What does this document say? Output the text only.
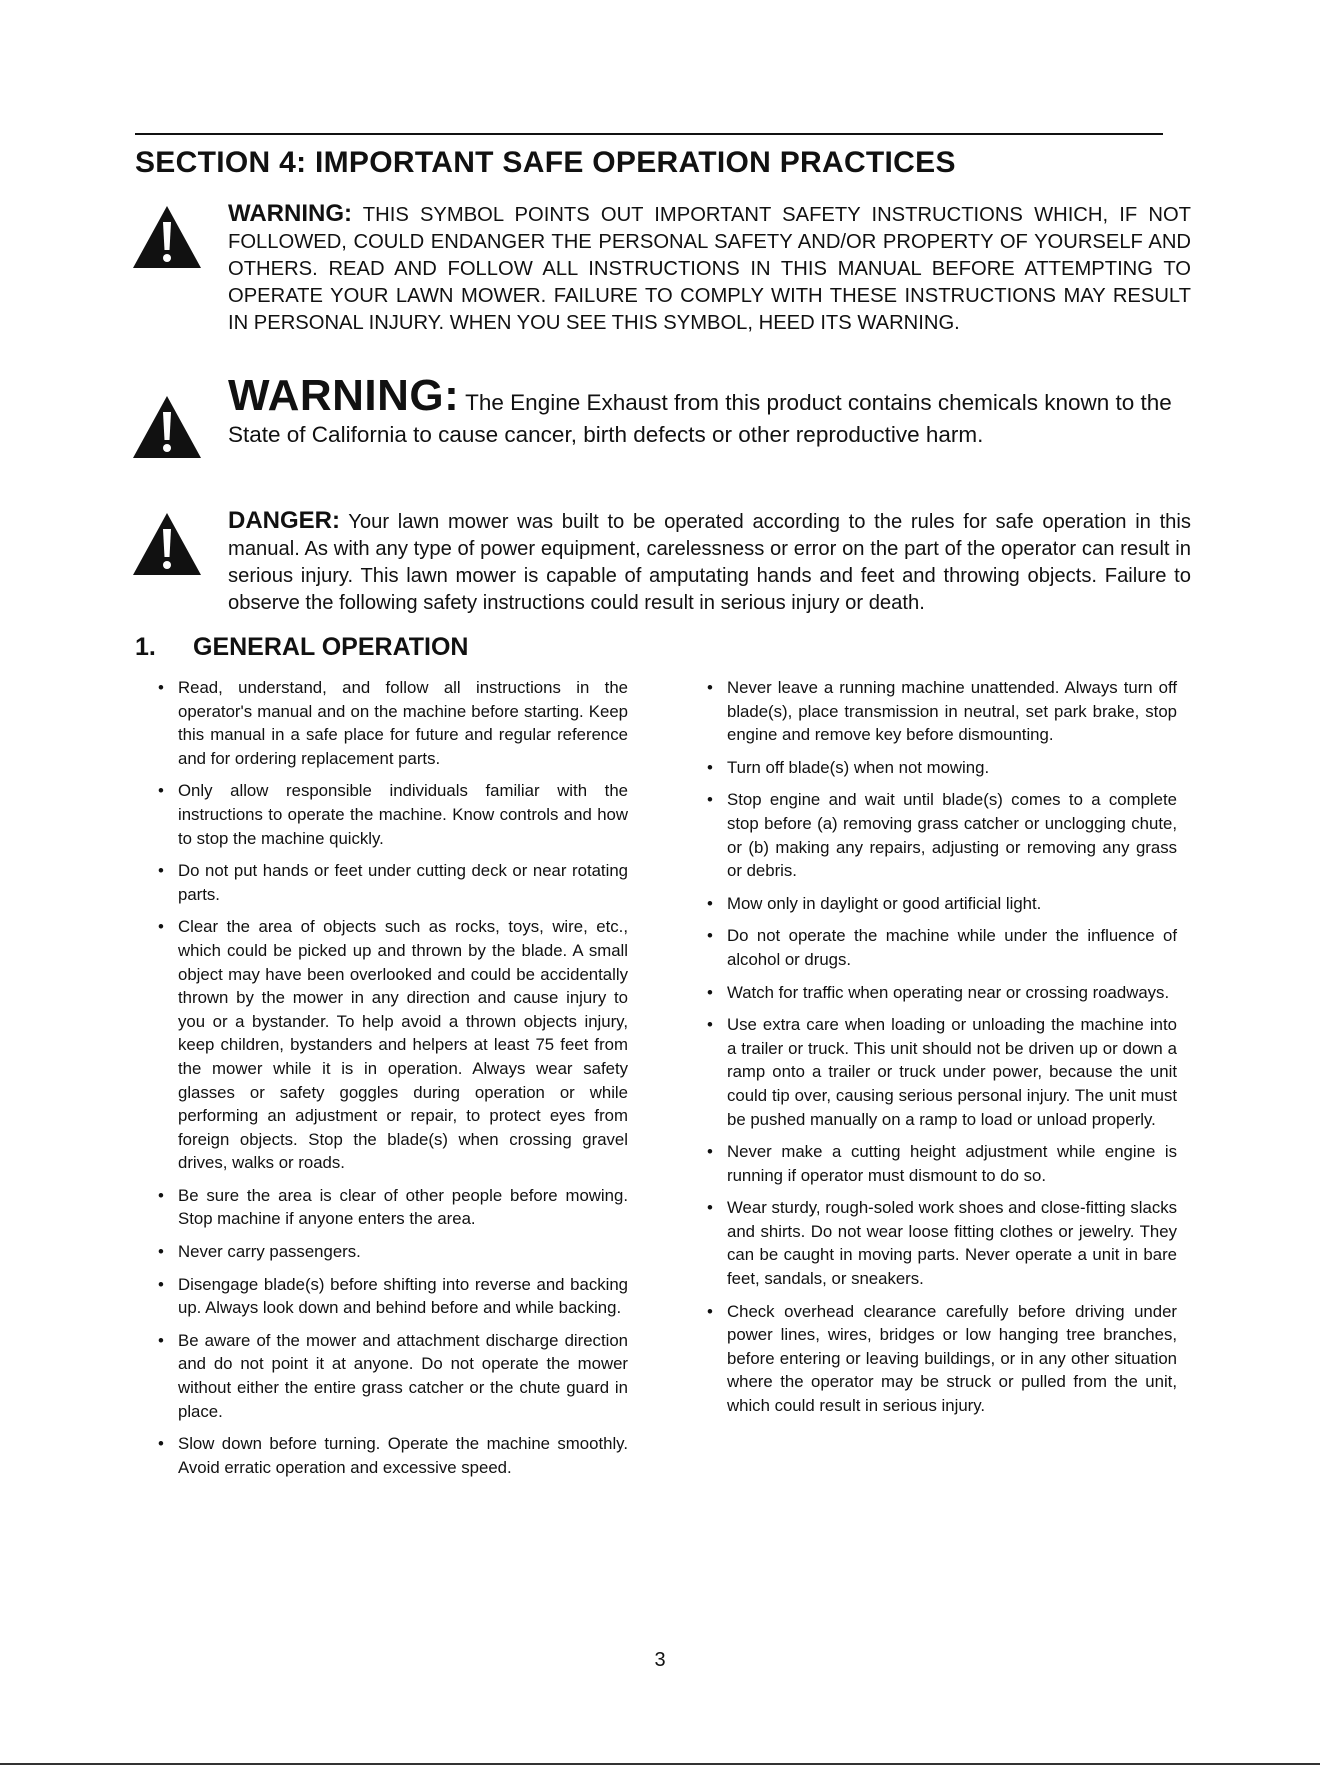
SECTION 4: IMPORTANT SAFE OPERATION PRACTICES
WARNING: THIS SYMBOL POINTS OUT IMPORTANT SAFETY INSTRUCTIONS WHICH, IF NOT FOLLOWED, COULD ENDANGER THE PERSONAL SAFETY AND/OR PROPERTY OF YOURSELF AND OTHERS. READ AND FOLLOW ALL INSTRUCTIONS IN THIS MANUAL BEFORE ATTEMPTING TO OPERATE YOUR LAWN MOWER. FAILURE TO COMPLY WITH THESE INSTRUCTIONS MAY RESULT IN PERSONAL INJURY. WHEN YOU SEE THIS SYMBOL, HEED ITS WARNING.
WARNING: The Engine Exhaust from this product contains chemicals known to the State of California to cause cancer, birth defects or other reproductive harm.
DANGER: Your lawn mower was built to be operated according to the rules for safe operation in this manual. As with any type of power equipment, carelessness or error on the part of the operator can result in serious injury. This lawn mower is capable of amputating hands and feet and throwing objects. Failure to observe the following safety instructions could result in serious injury or death.
1. GENERAL OPERATION
• Read, understand, and follow all instructions in the operator's manual and on the machine before starting. Keep this manual in a safe place for future and regular reference and for ordering replacement parts.
• Only allow responsible individuals familiar with the instructions to operate the machine. Know controls and how to stop the machine quickly.
• Do not put hands or feet under cutting deck or near rotating parts.
• Clear the area of objects such as rocks, toys, wire, etc., which could be picked up and thrown by the blade. A small object may have been overlooked and could be accidentally thrown by the mower in any direction and cause injury to you or a bystander. To help avoid a thrown objects injury, keep children, bystanders and helpers at least 75 feet from the mower while it is in operation. Always wear safety glasses or safety goggles during operation or while performing an adjustment or repair, to protect eyes from foreign objects. Stop the blade(s) when crossing gravel drives, walks or roads.
• Be sure the area is clear of other people before mowing. Stop machine if anyone enters the area.
• Never carry passengers.
• Disengage blade(s) before shifting into reverse and backing up. Always look down and behind before and while backing.
• Be aware of the mower and attachment discharge direction and do not point it at anyone. Do not operate the mower without either the entire grass catcher or the chute guard in place.
• Slow down before turning. Operate the machine smoothly. Avoid erratic operation and excessive speed.
• Never leave a running machine unattended. Always turn off blade(s), place transmission in neutral, set park brake, stop engine and remove key before dismounting.
• Turn off blade(s) when not mowing.
• Stop engine and wait until blade(s) comes to a complete stop before (a) removing grass catcher or unclogging chute, or (b) making any repairs, adjusting or removing any grass or debris.
• Mow only in daylight or good artificial light.
• Do not operate the machine while under the influence of alcohol or drugs.
• Watch for traffic when operating near or crossing roadways.
• Use extra care when loading or unloading the machine into a trailer or truck. This unit should not be driven up or down a ramp onto a trailer or truck under power, because the unit could tip over, causing serious personal injury. The unit must be pushed manually on a ramp to load or unload properly.
• Never make a cutting height adjustment while engine is running if operator must dismount to do so.
• Wear sturdy, rough-soled work shoes and close-fitting slacks and shirts. Do not wear loose fitting clothes or jewelry. They can be caught in moving parts. Never operate a unit in bare feet, sandals, or sneakers.
• Check overhead clearance carefully before driving under power lines, wires, bridges or low hanging tree branches, before entering or leaving buildings, or in any other situation where the operator may be struck or pulled from the unit, which could result in serious injury.
3
